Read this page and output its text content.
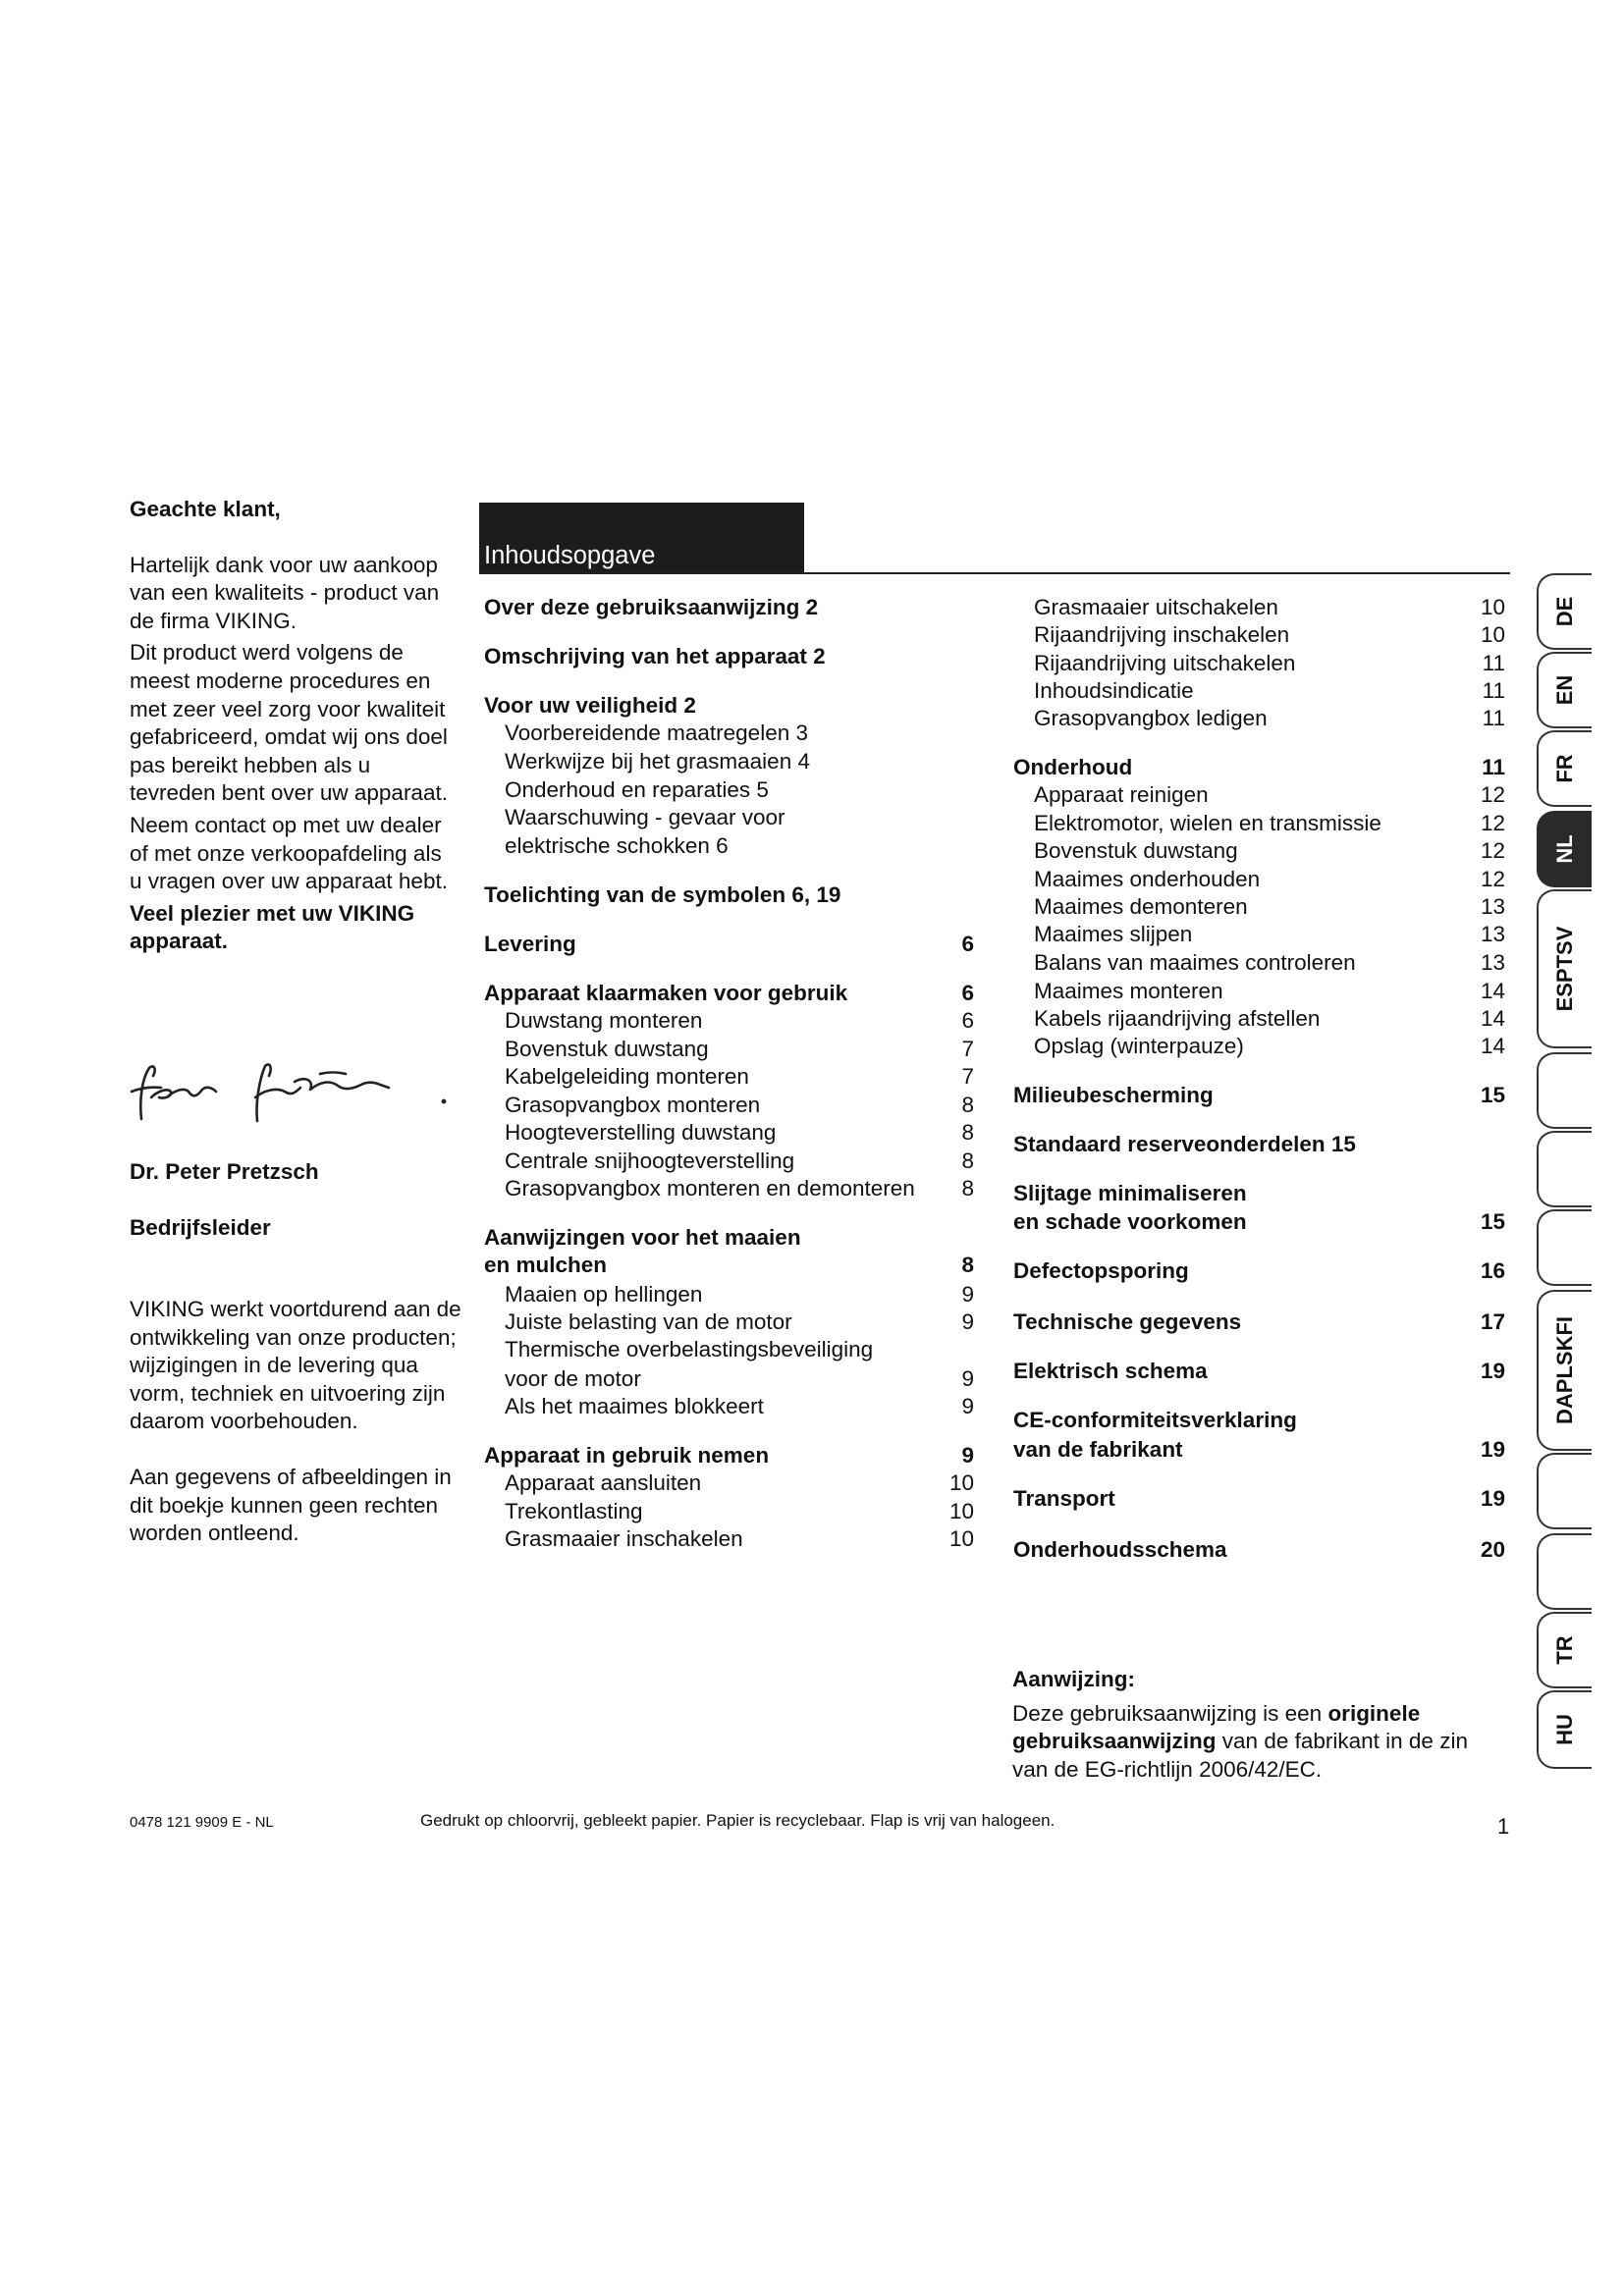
Geachte klant,

Hartelijk dank voor uw aankoop van een kwaliteits - product van de firma VIKING.

Dit product werd volgens de meest moderne procedures en met zeer veel zorg voor kwaliteit gefabriceerd, omdat wij ons doel pas bereikt hebben als u tevreden bent over uw apparaat.

Neem contact op met uw dealer of met onze verkoopafdeling als u vragen over uw apparaat hebt.

Veel plezier met uw VIKING apparaat.

Dr. Peter Pretzsch

Bedrijfsleider

VIKING werkt voortdurend aan de ontwikkeling van onze producten; wijzigingen in de levering qua vorm, techniek en uitvoering zijn daarom voorbehouden.

Aan gegevens of afbeeldingen in dit boekje kunnen geen rechten worden ontleend.

Inhoudsopgave
Over deze gebruiksaanwijzing 2
Omschrijving van het apparaat 2
Voor uw veiligheid 2
Voorbereidende maatregelen 3
Werkwijze bij het grasmaaien 4
Onderhoud en reparaties 5
Waarschuwing - gevaar voor
elektrische schokken 6
Toelichting van de symbolen 6, 19
Levering	6
Apparaat klaarmaken voor gebruik	6
Duwstang monteren	6
Bovenstuk duwstang	7
Kabelgeleiding monteren	7
Grasopvangbox monteren	8
Hoogteverstelling duwstang	8
Centrale snijhoogteverstelling	8
Grasopvangbox monteren en demonteren 8
Aanwijzingen voor het maaien
en mulchen	8
Maaien op hellingen	9
Juiste belasting van de motor	9
Thermische overbelastingsbeveiliging
voor de motor	9
Als het maaimes blokkeert	9
Apparaat in gebruik nemen	9
Apparaat aansluiten	10
Trekontlasting	10
Grasmaaier inschakelen	10
Grasmaaier uitschakelen	10
Rijaandrijving inschakelen	10
Rijaandrijving uitschakelen	11
Inhoudsindicatie	11
Grasopvangbox ledigen	11
Onderhoud	11
Apparaat reinigen	12
Elektromotor, wielen en transmissie	12
Bovenstuk duwstang	12
Maaimes onderhouden	12
Maaimes demonteren	13
Maaimes slijpen	13
Balans van maaimes controleren	13
Maaimes monteren	14
Kabels rijaandrijving afstellen	14
Opslag (winterpauze)	14
Milieubescherming	15
Standaard reserveonderdelen 15
Slijtage minimaliseren
en schade voorkomen	15
Defectopsporing	16
Technische gegevens	17
Elektrisch schema	19
CE-conformiteitsverklaring
van de fabrikant	19
Transport	19
Onderhoudsschema	20

Aanwijzing:

Deze gebruiksaanwijzing is een originele gebruiksaanwijzing van de fabrikant in de zin van de EG-richtlijn 2006/42/EC.

0478 121 9909 E - NL	Gedrukt op chloorvrij, gebleekt papier. Papier is recyclebaar. Flap is vrij van halogeen.	1
DE
EN
FR
NL
ESPTSV
DAPLSKFI
TR
HU
